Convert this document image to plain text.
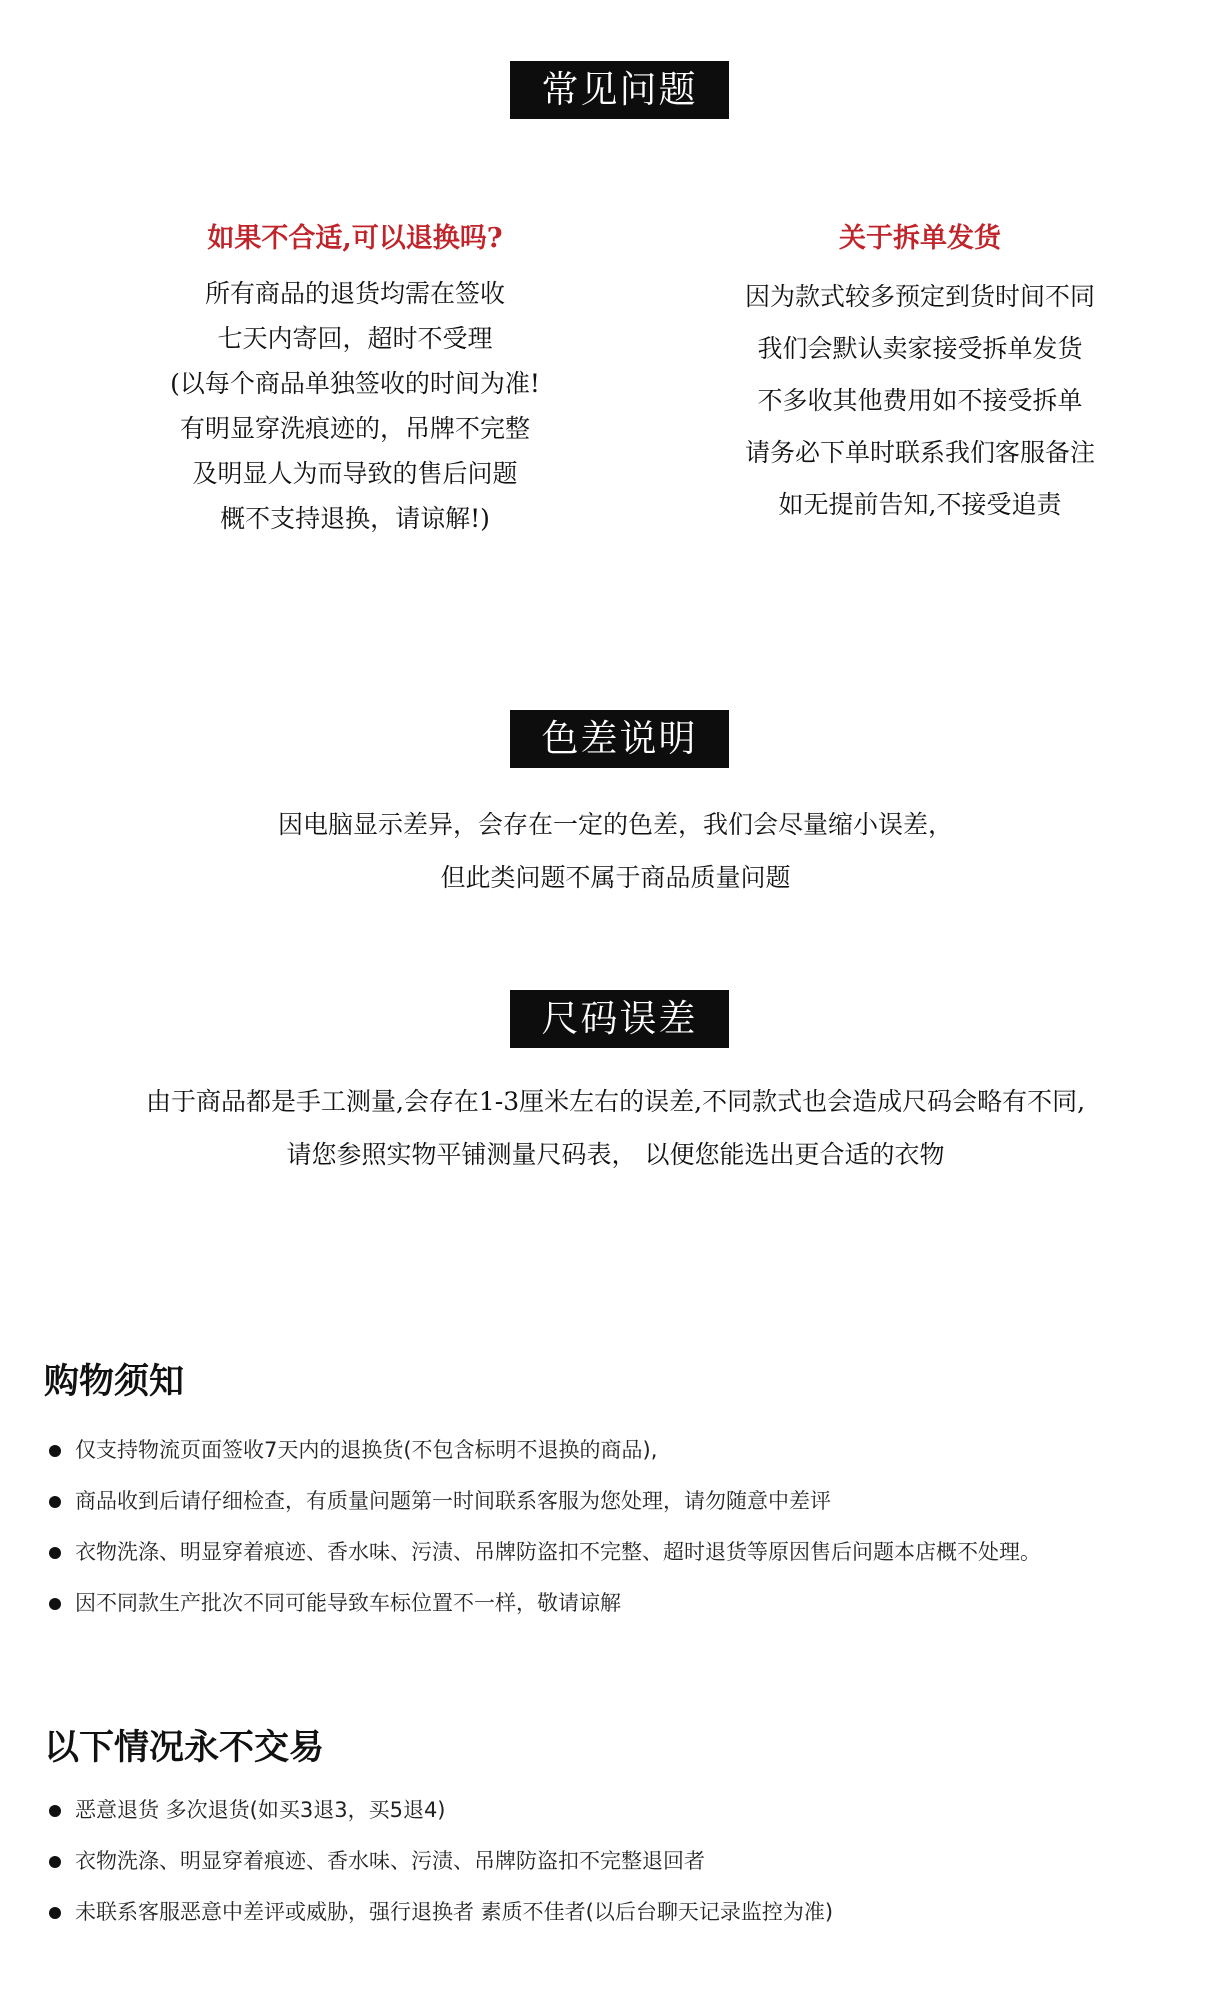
常见问题
如果不合适,可以退换吗?
所有商品的退货均需在签收
七天内寄回，超时不受理
(以每个商品单独签收的时间为准!
有明显穿洗痕迹的，吊牌不完整
及明显人为而导致的售后问题
概不支持退换，请谅解!)
关于拆单发货
因为款式较多预定到货时间不同
我们会默认卖家接受拆单发货
不多收其他费用如不接受拆单
请务必下单时联系我们客服备注
如无提前告知,不接受追责
色差说明
因电脑显示差异，会存在一定的色差，我们会尽量缩小误差，
但此类问题不属于商品质量问题
尺码误差
由于商品都是手工测量,会存在1-3厘米左右的误差,不同款式也会造成尺码会略有不同,
请您参照实物平铺测量尺码表， 以便您能选出更合适的衣物
购物须知
仅支持物流页面签收7天内的退换货(不包含标明不退换的商品),
商品收到后请仔细检查，有质量问题第一时间联系客服为您处理，请勿随意中差评
衣物洗涤、明显穿着痕迹、香水味、污渍、吊牌防盗扣不完整、超时退货等原因售后问题本店概不处理。
因不同款生产批次不同可能导致车标位置不一样，敬请谅解
以下情况永不交易
恶意退货 多次退货(如买3退3，买5退4)
衣物洗涤、明显穿着痕迹、香水味、污渍、吊牌防盗扣不完整退回者
未联系客服恶意中差评或威胁，强行退换者 素质不佳者(以后台聊天记录监控为准)
